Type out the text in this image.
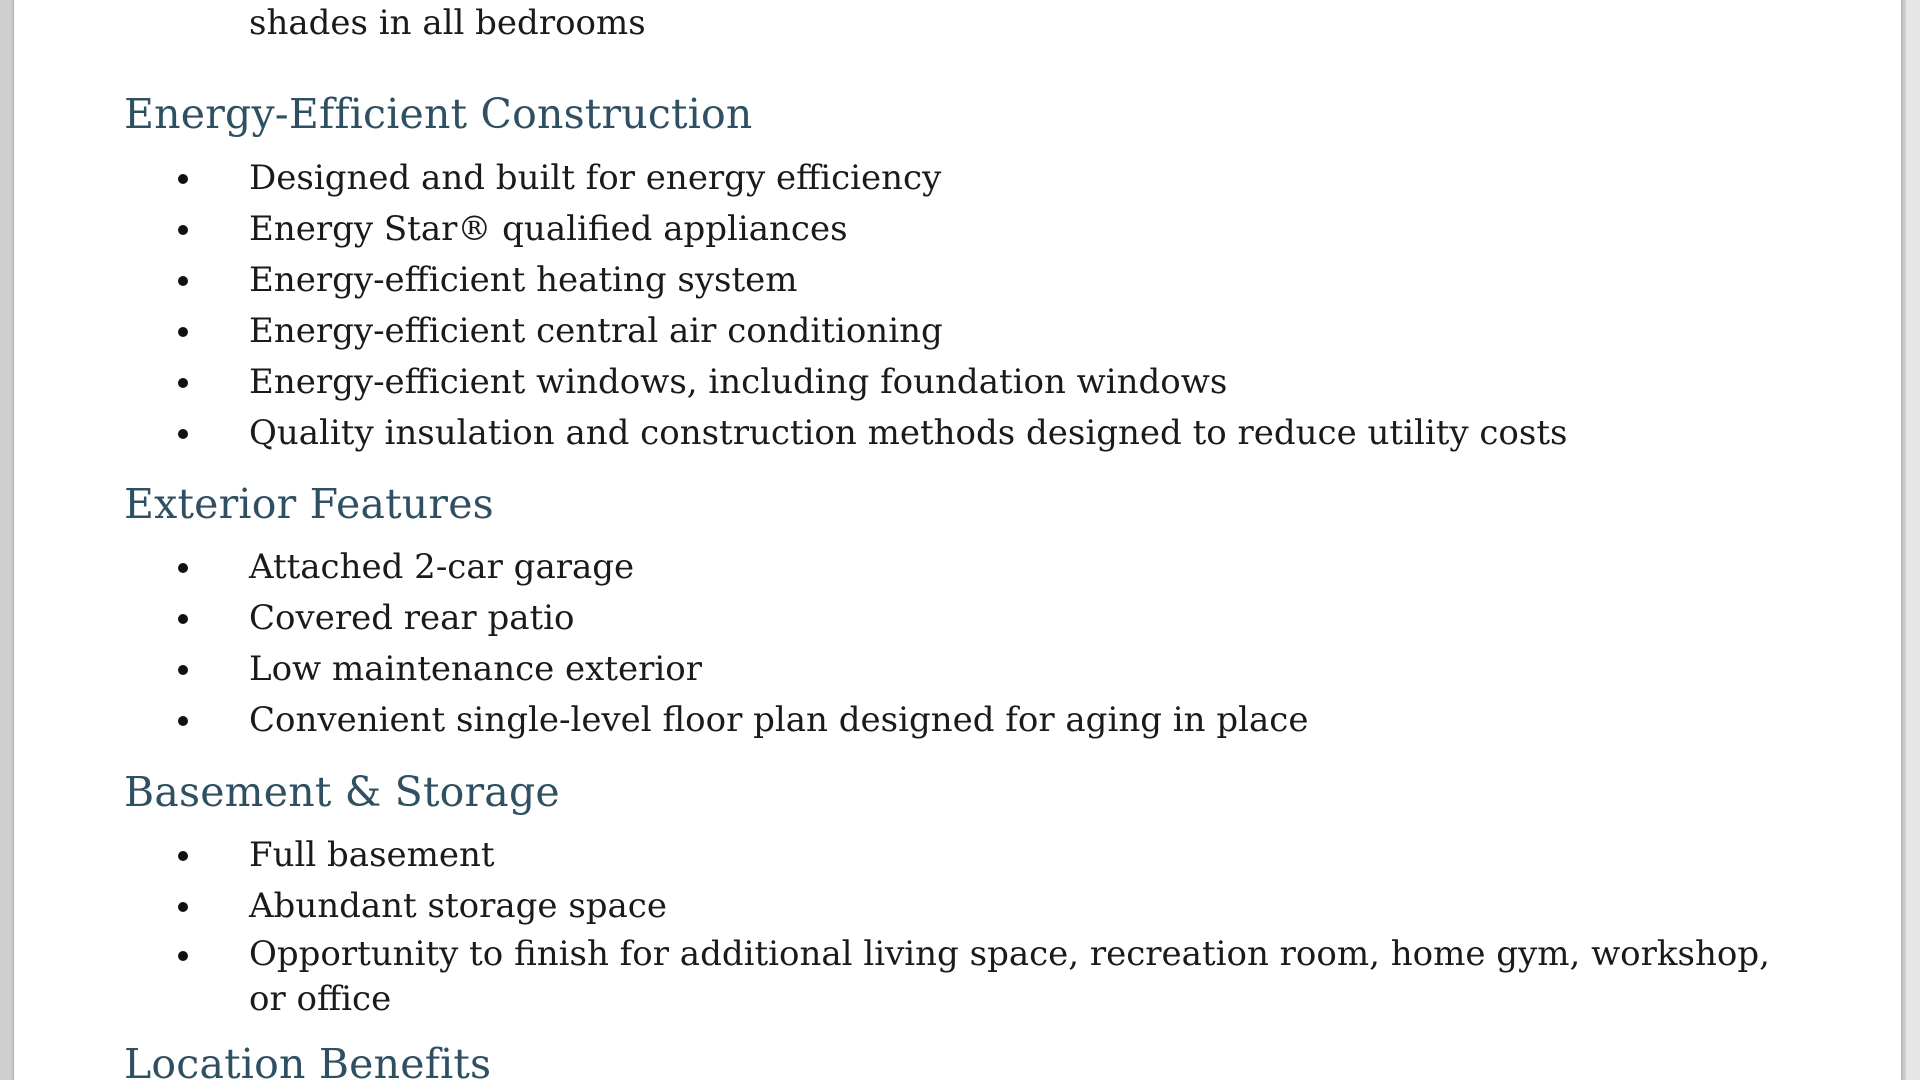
shades in all bedrooms
Energy-Efficient Construction
Designed and built for energy efficiency
Energy Star® qualified appliances
Energy-efficient heating system
Energy-efficient central air conditioning
Energy-efficient windows, including foundation windows
Quality insulation and construction methods designed to reduce utility costs
Exterior Features
Attached 2-car garage
Covered rear patio
Low maintenance exterior
Convenient single-level floor plan designed for aging in place
Basement & Storage
Full basement
Abundant storage space
Opportunity to finish for additional living space, recreation room, home gym, workshop, or office
Location Benefits
